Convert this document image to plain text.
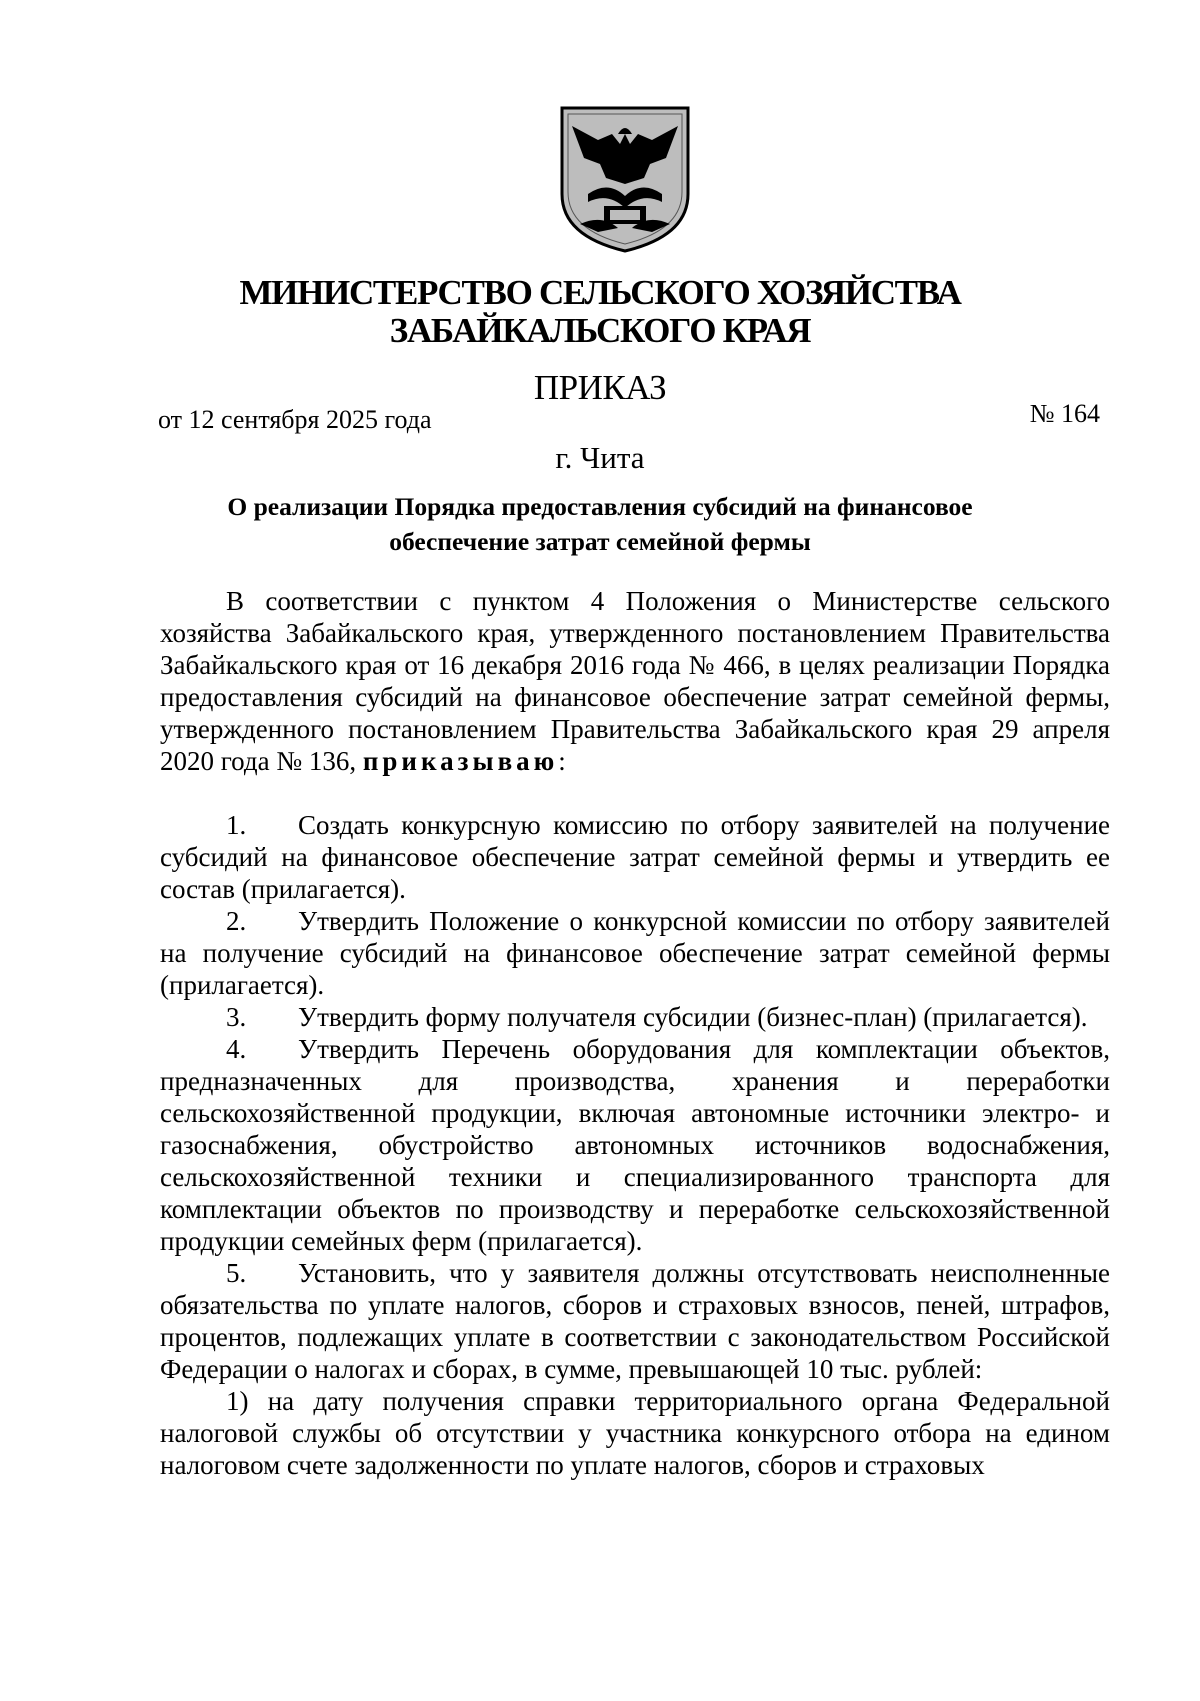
МИНИСТЕРСТВО СЕЛЬСКОГО ХОЗЯЙСТВА
ЗАБАЙКАЛЬСКОГО КРАЯ
ПРИКАЗ
от 12 сентября 2025 года	№ 164
г. Чита
О реализации Порядка предоставления субсидий на финансовое
обеспечение затрат семейной фермы

В соответствии с пунктом 4 Положения о Министерстве сельского хозяйства Забайкальского края, утвержденного постановлением Правительства Забайкальского края от 16 декабря 2016 года № 466, в целях реализации Порядка предоставления субсидий на финансовое обеспечение затрат семейной фермы, утвержденного постановлением Правительства Забайкальского края 29 апреля 2020 года № 136, приказываю:

1. Создать конкурсную комиссию по отбору заявителей на получение субсидий на финансовое обеспечение затрат семейной фермы и утвердить ее состав (прилагается).

2. Утвердить Положение о конкурсной комиссии по отбору заявителей на получение субсидий на финансовое обеспечение затрат семейной фермы (прилагается).

3. Утвердить форму получателя субсидии (бизнес-план) (прилагается).

4. Утвердить Перечень оборудования для комплектации объектов, предназначенных для производства, хранения и переработки сельскохозяйственной продукции, включая автономные источники электро- и газоснабжения, обустройство автономных источников водоснабжения, сельскохозяйственной техники и специализированного транспорта для комплектации объектов по производству и переработке сельскохозяйственной продукции семейных ферм (прилагается).

5. Установить, что у заявителя должны отсутствовать неисполненные обязательства по уплате налогов, сборов и страховых взносов, пеней, штрафов, процентов, подлежащих уплате в соответствии с законодательством Российской Федерации о налогах и сборах, в сумме, превышающей 10 тыс. рублей:

1) на дату получения справки территориального органа Федеральной налоговой службы об отсутствии у участника конкурсного отбора на едином налоговом счете задолженности по уплате налогов, сборов и страховых
